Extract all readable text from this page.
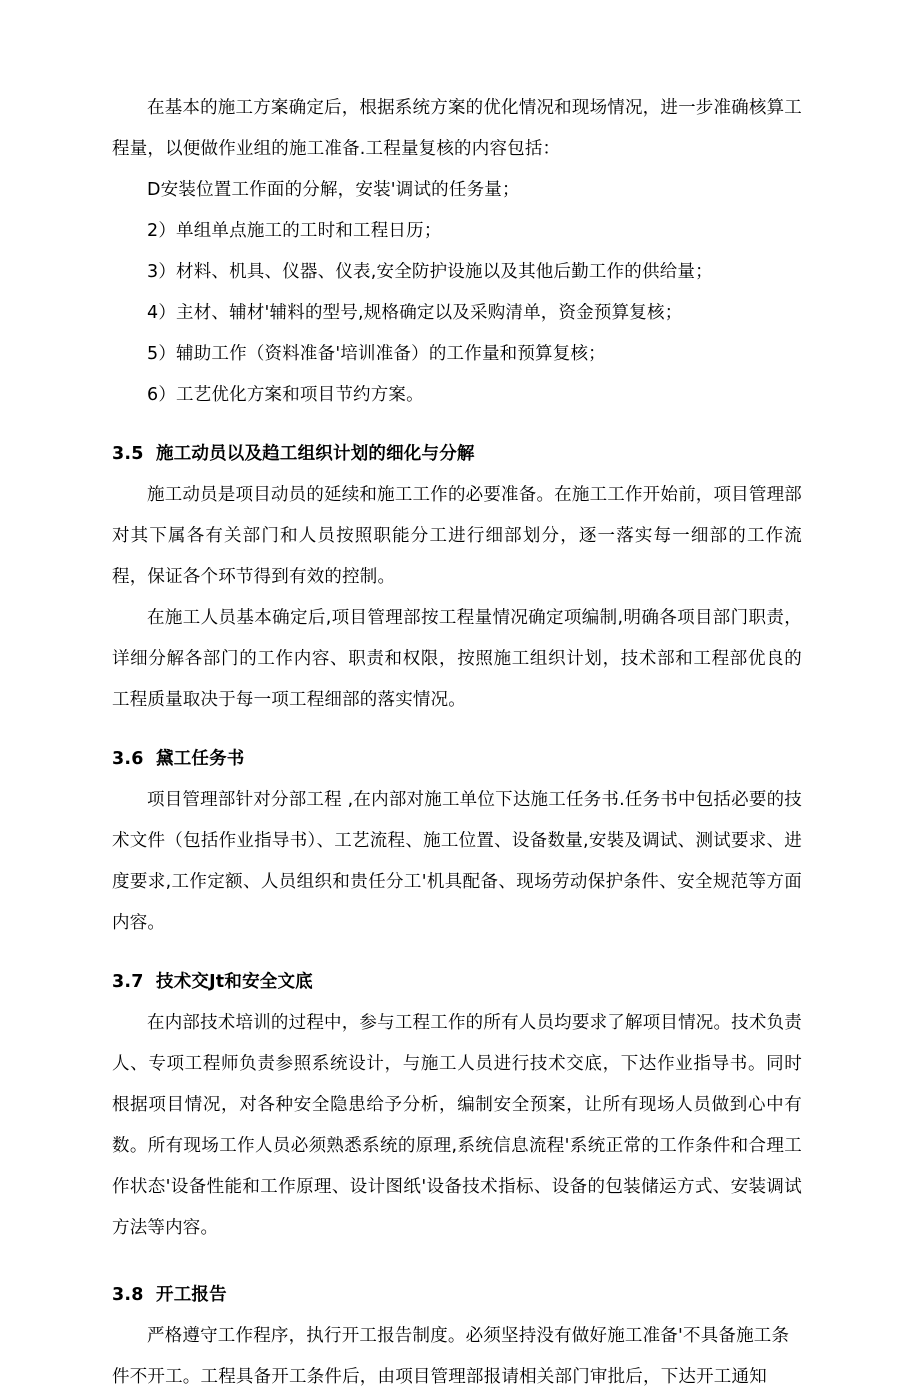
在基本的施工方案确定后，根据系统方案的优化情况和现场情况，进一步准确核算工程量，以便做作业组的施工准备.工程量复核的内容包括：

D安装位置工作面的分解，安装'调试的任务量；

2）单组单点施工的工时和工程日历；

3）材料、机具、仪器、仪表,安全防护设施以及其他后勤工作的供给量；

4）主材、辅材'辅料的型号,规格确定以及采购清单，资金预算复核；

5）辅助工作（资料准备'培训准备）的工作量和预算复核；

6）工艺优化方案和项目节约方案。

3.5 施工动员以及趋工组织计划的细化与分解

施工动员是项目动员的延续和施工工作的必要准备。在施工工作开始前，项目管理部对其下属各有关部门和人员按照职能分工进行细部划分，逐一落实每一细部的工作流程，保证各个环节得到有效的控制。

在施工人员基本确定后,项目管理部按工程量情况确定项编制,明确各项目部门职责，详细分解各部门的工作内容、职责和权限，按照施工组织计划，技术部和工程部优良的工程质量取决于每一项工程细部的落实情况。

3.6 黛工任务书

项目管理部针对分部工程 ,在内部对施工单位下达施工任务书.任务书中包括必要的技术文件（包括作业指导书）、工艺流程、施工位置、设备数量,安裝及调试、测试要求、进度要求,工作定额、人员组织和贵任分工'机具配备、现场劳动保护条件、安全规范等方面内容。

3.7 技术交Jt和安全文底

在内部技术培训的过程中，参与工程工作的所有人员均要求了解项目情况。技术负责人、专项工程师负责参照系统设计，与施工人员进行技术交底，下达作业指导书。同时根据项目情况，对各种安全隐患给予分析，编制安全预案，让所有现场人员做到心中有数。所有现场工作人员必须熟悉系统的原理,系统信息流程'系统正常的工作条件和合理工作状态'设备性能和工作原理、设计图纸'设备技术指标、设备的包装储运方式、安装调试方法等内容。

3.8 开工报告

严格遵守工作程序，执行开工报告制度。必须坚持没有做好施工准备'不具备施工条

件不开工。工程具备开工条件后，由项目管理部报请相关部门审批后，下达开工通知
